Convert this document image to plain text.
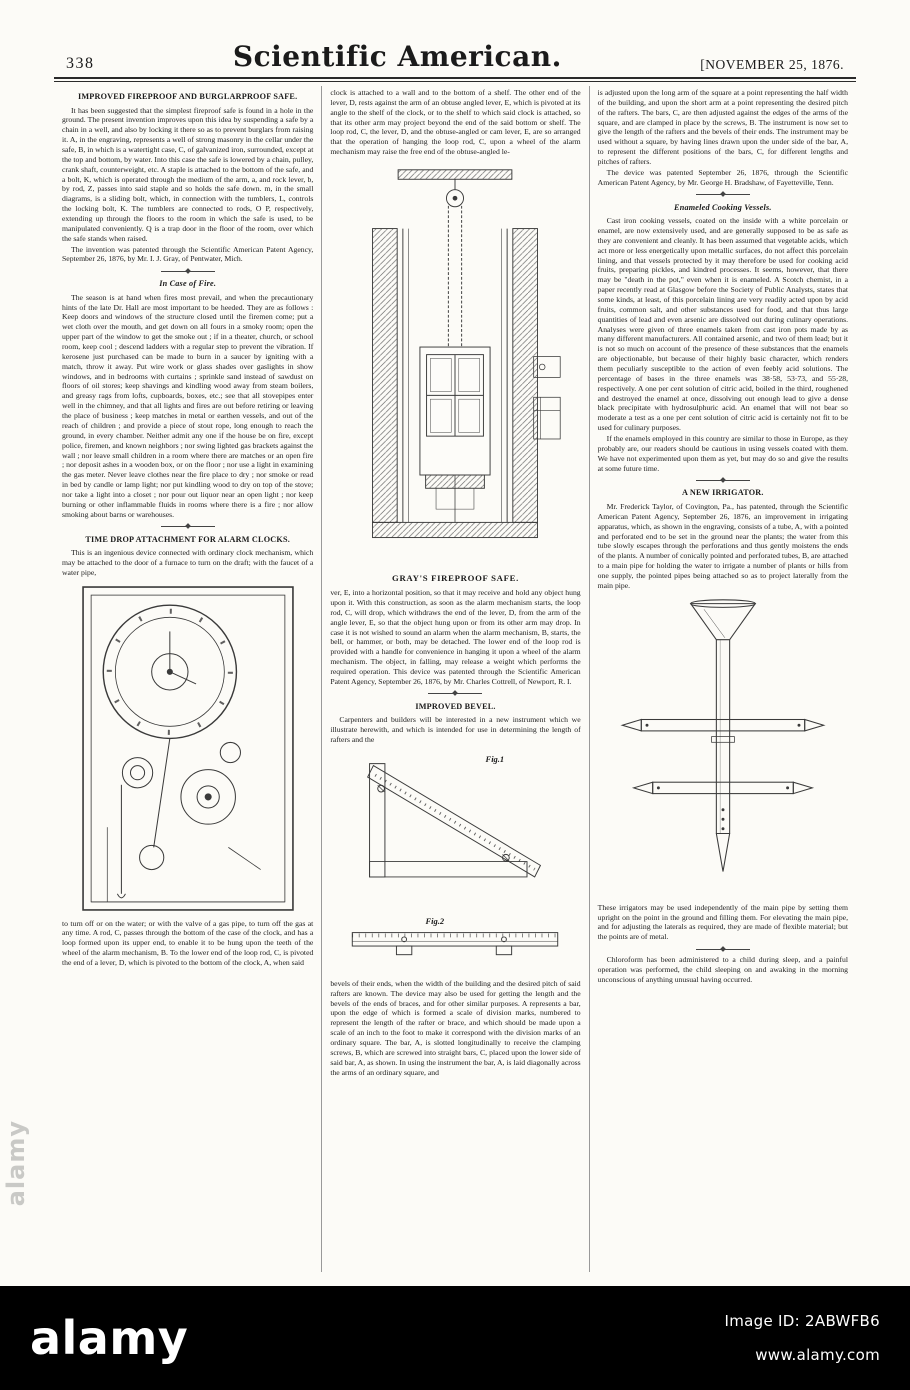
338	Scientific American.	[NOVEMBER 25, 1876.
IMPROVED FIREPROOF AND BURGLARPROOF SAFE.

It has been suggested that the simplest fireproof safe is found in a hole in the ground. The present invention improves upon this idea by suspending a safe by a chain in a well, and also by locking it there so as to prevent burglars from raising it. A, in the engraving, represents a well of strong masonry in the cellar under the safe, B, in which is a watertight case, C, of galvanized iron, surrounded, except at the top and bottom, by water. Into this case the safe is lowered by a chain, pulley, crank shaft, counterweight, etc. A staple is attached to the bottom of the safe, and a bolt, K, which is operated through the medium of the arm, a, and rock lever, b, by rod, Z, passes into said staple and so holds the safe down. m, in the small diagrams, is a sliding bolt, which, in connection with the tumblers, L, controls the locking bolt, K. The tumblers are connected to rods, O P, respectively, extending up through the floors to the room in which the safe is used, to be manipulated conveniently. Q is a trap door in the floor of the room, over which the safe stands when raised.

The invention was patented through the Scientific American Patent Agency, September 26, 1876, by Mr. I. J. Gray, of Pentwater, Mich.

In Case of Fire.

The season is at hand when fires most prevail, and when the precautionary hints of the late Dr. Hall are most important to be heeded. They are as follows : Keep doors and windows of the structure closed until the firemen come; put a wet cloth over the mouth, and get down on all fours in a smoky room; open the upper part of the window to get the smoke out ; if in a theater, church, or school room, keep cool ; descend ladders with a regular step to prevent the vibration. If kerosene just purchased can be made to burn in a saucer by igniting with a match, throw it away. Put wire work or glass shades over gaslights in show windows, and in bedrooms with curtains ; sprinkle sand instead of sawdust on floors of oil stores; keep shavings and kindling wood away from steam boilers, and greasy rags from lofts, cupboards, boxes, etc.; see that all stovepipes enter well in the chimney, and that all lights and fires are out before retiring or leaving the place of business ; keep matches in metal or earthen vessels, and out of the reach of children ; and provide a piece of stout rope, long enough to reach the ground, in every chamber. Neither admit any one if the house be on fire, except police, firemen, and known neighbors ; nor swing lighted gas brackets against the wall ; nor leave small children in a room where there are matches or an open fire ; nor deposit ashes in a wooden box, or on the floor ; nor use a light in examining the gas meter. Never leave clothes near the fire place to dry ; nor smoke or read in bed by candle or lamp light; nor put kindling wood to dry on top of the stove; nor take a light into a closet ; nor pour out liquor near an open light ; nor keep burning or other inflammable fluids in rooms where there is a fire ; nor allow smoking about barns or warehouses.

TIME DROP ATTACHMENT FOR ALARM CLOCKS.

This is an ingenious device connected with ordinary clock mechanism, which may be attached to the door of a furnace to turn on the draft; with the faucet of a water pipe,

to turn off or on the water; or with the valve of a gas pipe, to turn off the gas at any time. A rod, C, passes through the bottom of the case of the clock, and has a loop formed upon its upper end, to enable it to be hung upon the teeth of the wheel of the alarm mechanism, B. To the lower end of the loop rod, C, is pivoted the end of a lever, D, which is pivoted to the bottom of the clock, A, when said

clock is attached to a wall and to the bottom of a shelf. The other end of the lever, D, rests against the arm of an obtuse angled lever, E, which is pivoted at its angle to the shelf of the clock, or to the shelf to which said clock is attached, so that its other arm may project beyond the end of the said bottom or shelf. The loop rod, C, the lever, D, and the obtuse-angled or cam lever, E, are so arranged that the operation of hanging the loop rod, C, upon a wheel of the alarm mechanism may raise the free end of the obtuse-angled le-

GRAY'S FIREPROOF SAFE.

ver, E, into a horizontal position, so that it may receive and hold any object hung upon it. With this construction, as soon as the alarm mechanism starts, the loop rod, C, will drop, which withdraws the end of the lever, D, from the arm of the angle lever, E, so that the object hung upon or from its other arm may drop. In case it is not wished to sound an alarm when the alarm mechanism, B, starts, the bell, or hammer, or both, may be detached. The lower end of the loop rod is provided with a handle for convenience in hanging it upon a wheel of the alarm mechanism. The object, in falling, may release a weight which performs the required operation. This device was patented through the Scientific American Patent Agency, September 26, 1876, by Mr. Charles Cottrell, of Newport, R. I.

IMPROVED BEVEL.

Carpenters and builders will be interested in a new instrument which we illustrate herewith, and which is intended for use in determining the length of rafters and the

Fig.1
Fig.2

bevels of their ends, when the width of the building and the desired pitch of said rafters are known. The device may also be used for getting the length and the bevels of the ends of braces, and for other similar purposes. A represents a bar, upon the edge of which is formed a scale of division marks, numbered to represent the length of the rafter or brace, and which should be made upon a scale of an inch to the foot to make it correspond with the division marks of an ordinary square. The bar, A, is slotted longitudinally to receive the clamping screws, B, which are screwed into straight bars, C, placed upon the lower side of said bar, A, as shown. In using the instrument the bar, A, is laid diagonally across the arms of an ordinary square, and

is adjusted upon the long arm of the square at a point representing the half width of the building, and upon the short arm at a point representing the desired pitch of the rafters. The bars, C, are then adjusted against the edges of the arms of the square, and are clamped in place by the screws, B. The instrument is now set to give the length of the rafters and the bevels of their ends. The instrument may be used without a square, by having lines drawn upon the under side of the bar, A, to represent the different positions of the bars, C, for different lengths and pitches of rafters.

The device was patented September 26, 1876, through the Scientific American Patent Agency, by Mr. George H. Bradshaw, of Fayetteville, Tenn.

Enameled Cooking Vessels.

Cast iron cooking vessels, coated on the inside with a white porcelain or enamel, are now extensively used, and are generally supposed to be as safe as they are convenient and cleanly. It has been assumed that vegetable acids, which act more or less energetically upon metallic surfaces, do not affect this porcelain lining, and that vessels protected by it may therefore be used for cooking acid fruits, preparing pickles, and kindred processes. It seems, however, that there may be "death in the pot," even when it is enameled. A Scotch chemist, in a paper recently read at Glasgow before the Society of Public Analysts, states that some kinds, at least, of this porcelain lining are very readily acted upon by acid fruits, common salt, and other substances used for food, and that thus large quantities of lead and even arsenic are dissolved out during culinary operations. Analyses were given of three enamels taken from cast iron pots made by as many different manufacturers. All contained arsenic, and two of them lead; but it is not so much on account of the presence of these substances that the enamels are objectionable, but because of their highly basic character, which renders them peculiarly susceptible to the action of even feebly acid solutions. The percentage of bases in the three enamels was 38·58, 53·73, and 55·28, respectively. A one per cent solution of citric acid, boiled in the third, roughened and destroyed the enamel at once, dissolving out enough lead to give a dense black precipitate with hydrosulphuric acid. An enamel that will not bear so moderate a test as a one per cent solution of citric acid is certainly not fit to be used for culinary purposes.

If the enamels employed in this country are similar to those in Europe, as they probably are, our readers should be cautious in using vessels coated with them. We have not experimented upon them as yet, but may do so and give the results at some future time.

A NEW IRRIGATOR.

Mr. Frederick Taylor, of Covington, Pa., has patented, through the Scientific American Patent Agency, September 26, 1876, an improvement in irrigating apparatus, which, as shown in the engraving, consists of a tube, A, with a pointed and perforated end to be set in the ground near the plants; the water from this tube slowly escapes through the perforations and thus gently moistens the ends of the plants. A number of conically pointed and perforated tubes, B, are attached to a main pipe for holding the water to irrigate a number of plants or hills from one supply, the pointed pipes being attached so as to project laterally from the main pipe.

These irrigators may be used independently of the main pipe by setting them upright on the point in the ground and filling them. For elevating the main pipe, and for adjusting the laterals as required, they are made of flexible material; but the points are of metal.

Chloroform has been administered to a child during sleep, and a painful operation was performed, the child sleeping on and awaking in the morning unconscious of anything unusual having occurred.

alamy
alamy	Image ID: 2ABWFB6
www.alamy.com
